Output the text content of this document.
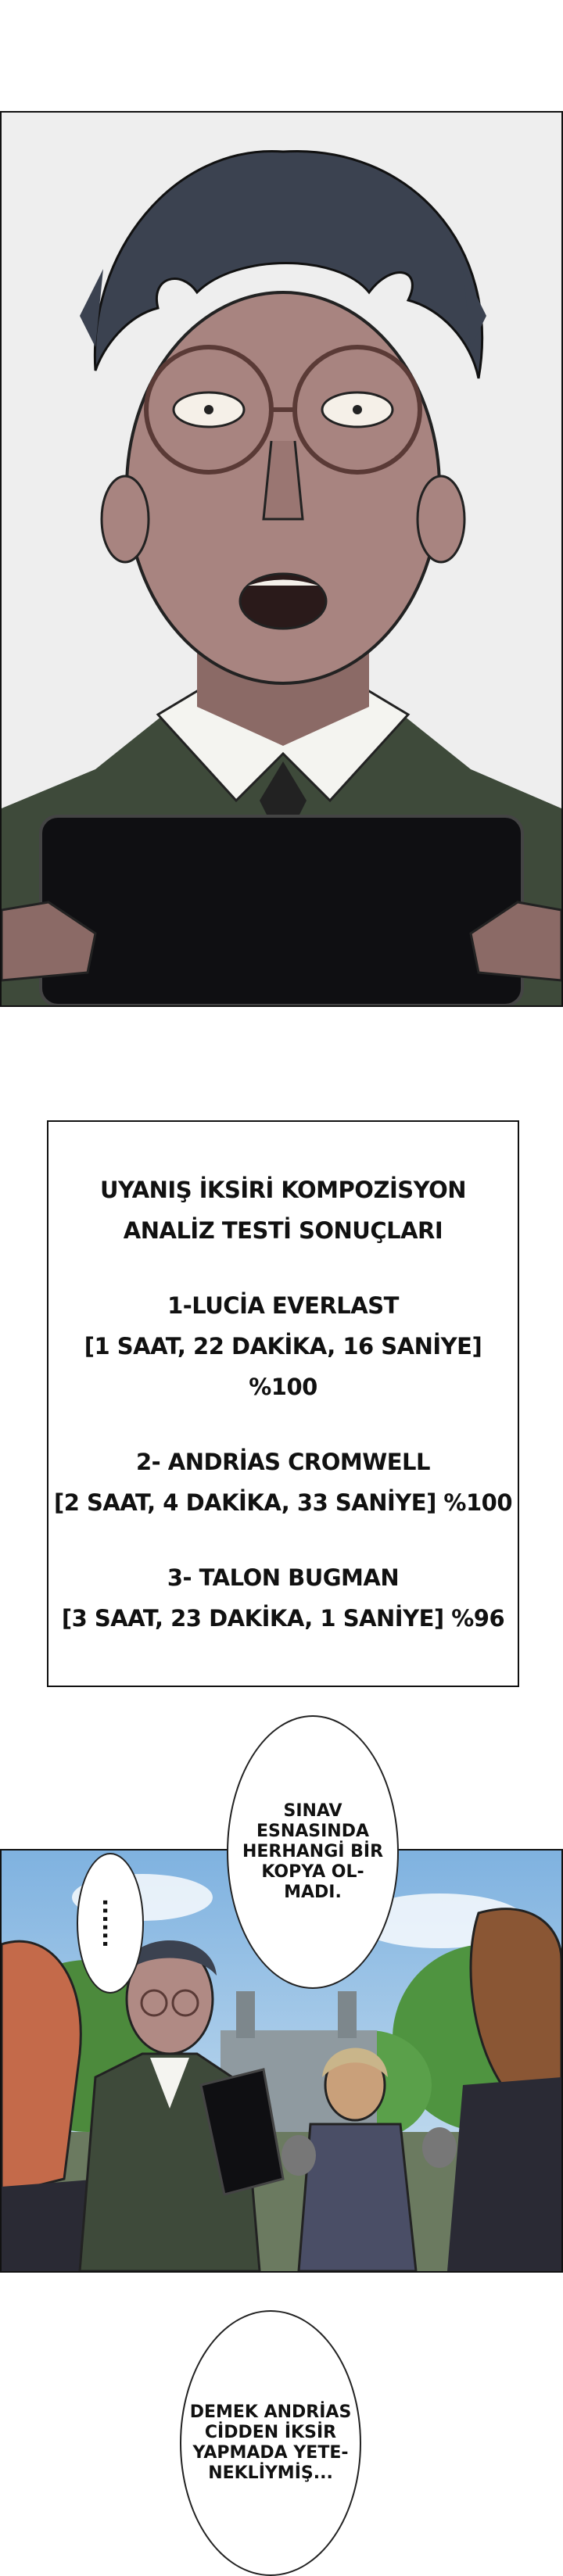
UYANIŞ İKSİRİ KOMPOZİSYON
ANALİZ TESTİ SONUÇLARI
1-LUCİA EVERLAST
[1 SAAT, 22 DAKİKA, 16 SANİYE] %100
2- ANDRİAS CROMWELL
[2 SAAT, 4 DAKİKA, 33 SANİYE] %100
3- TALON BUGMAN
[3 SAAT, 23 DAKİKA, 1 SANİYE] %96
......
SINAV
ESNASINDA
HERHANGİ BİR
KOPYA OL-
MADI.
DEMEK ANDRİAS
CİDDEN İKSİR
YAPMADA YETE-
NEKLİYMİŞ...
